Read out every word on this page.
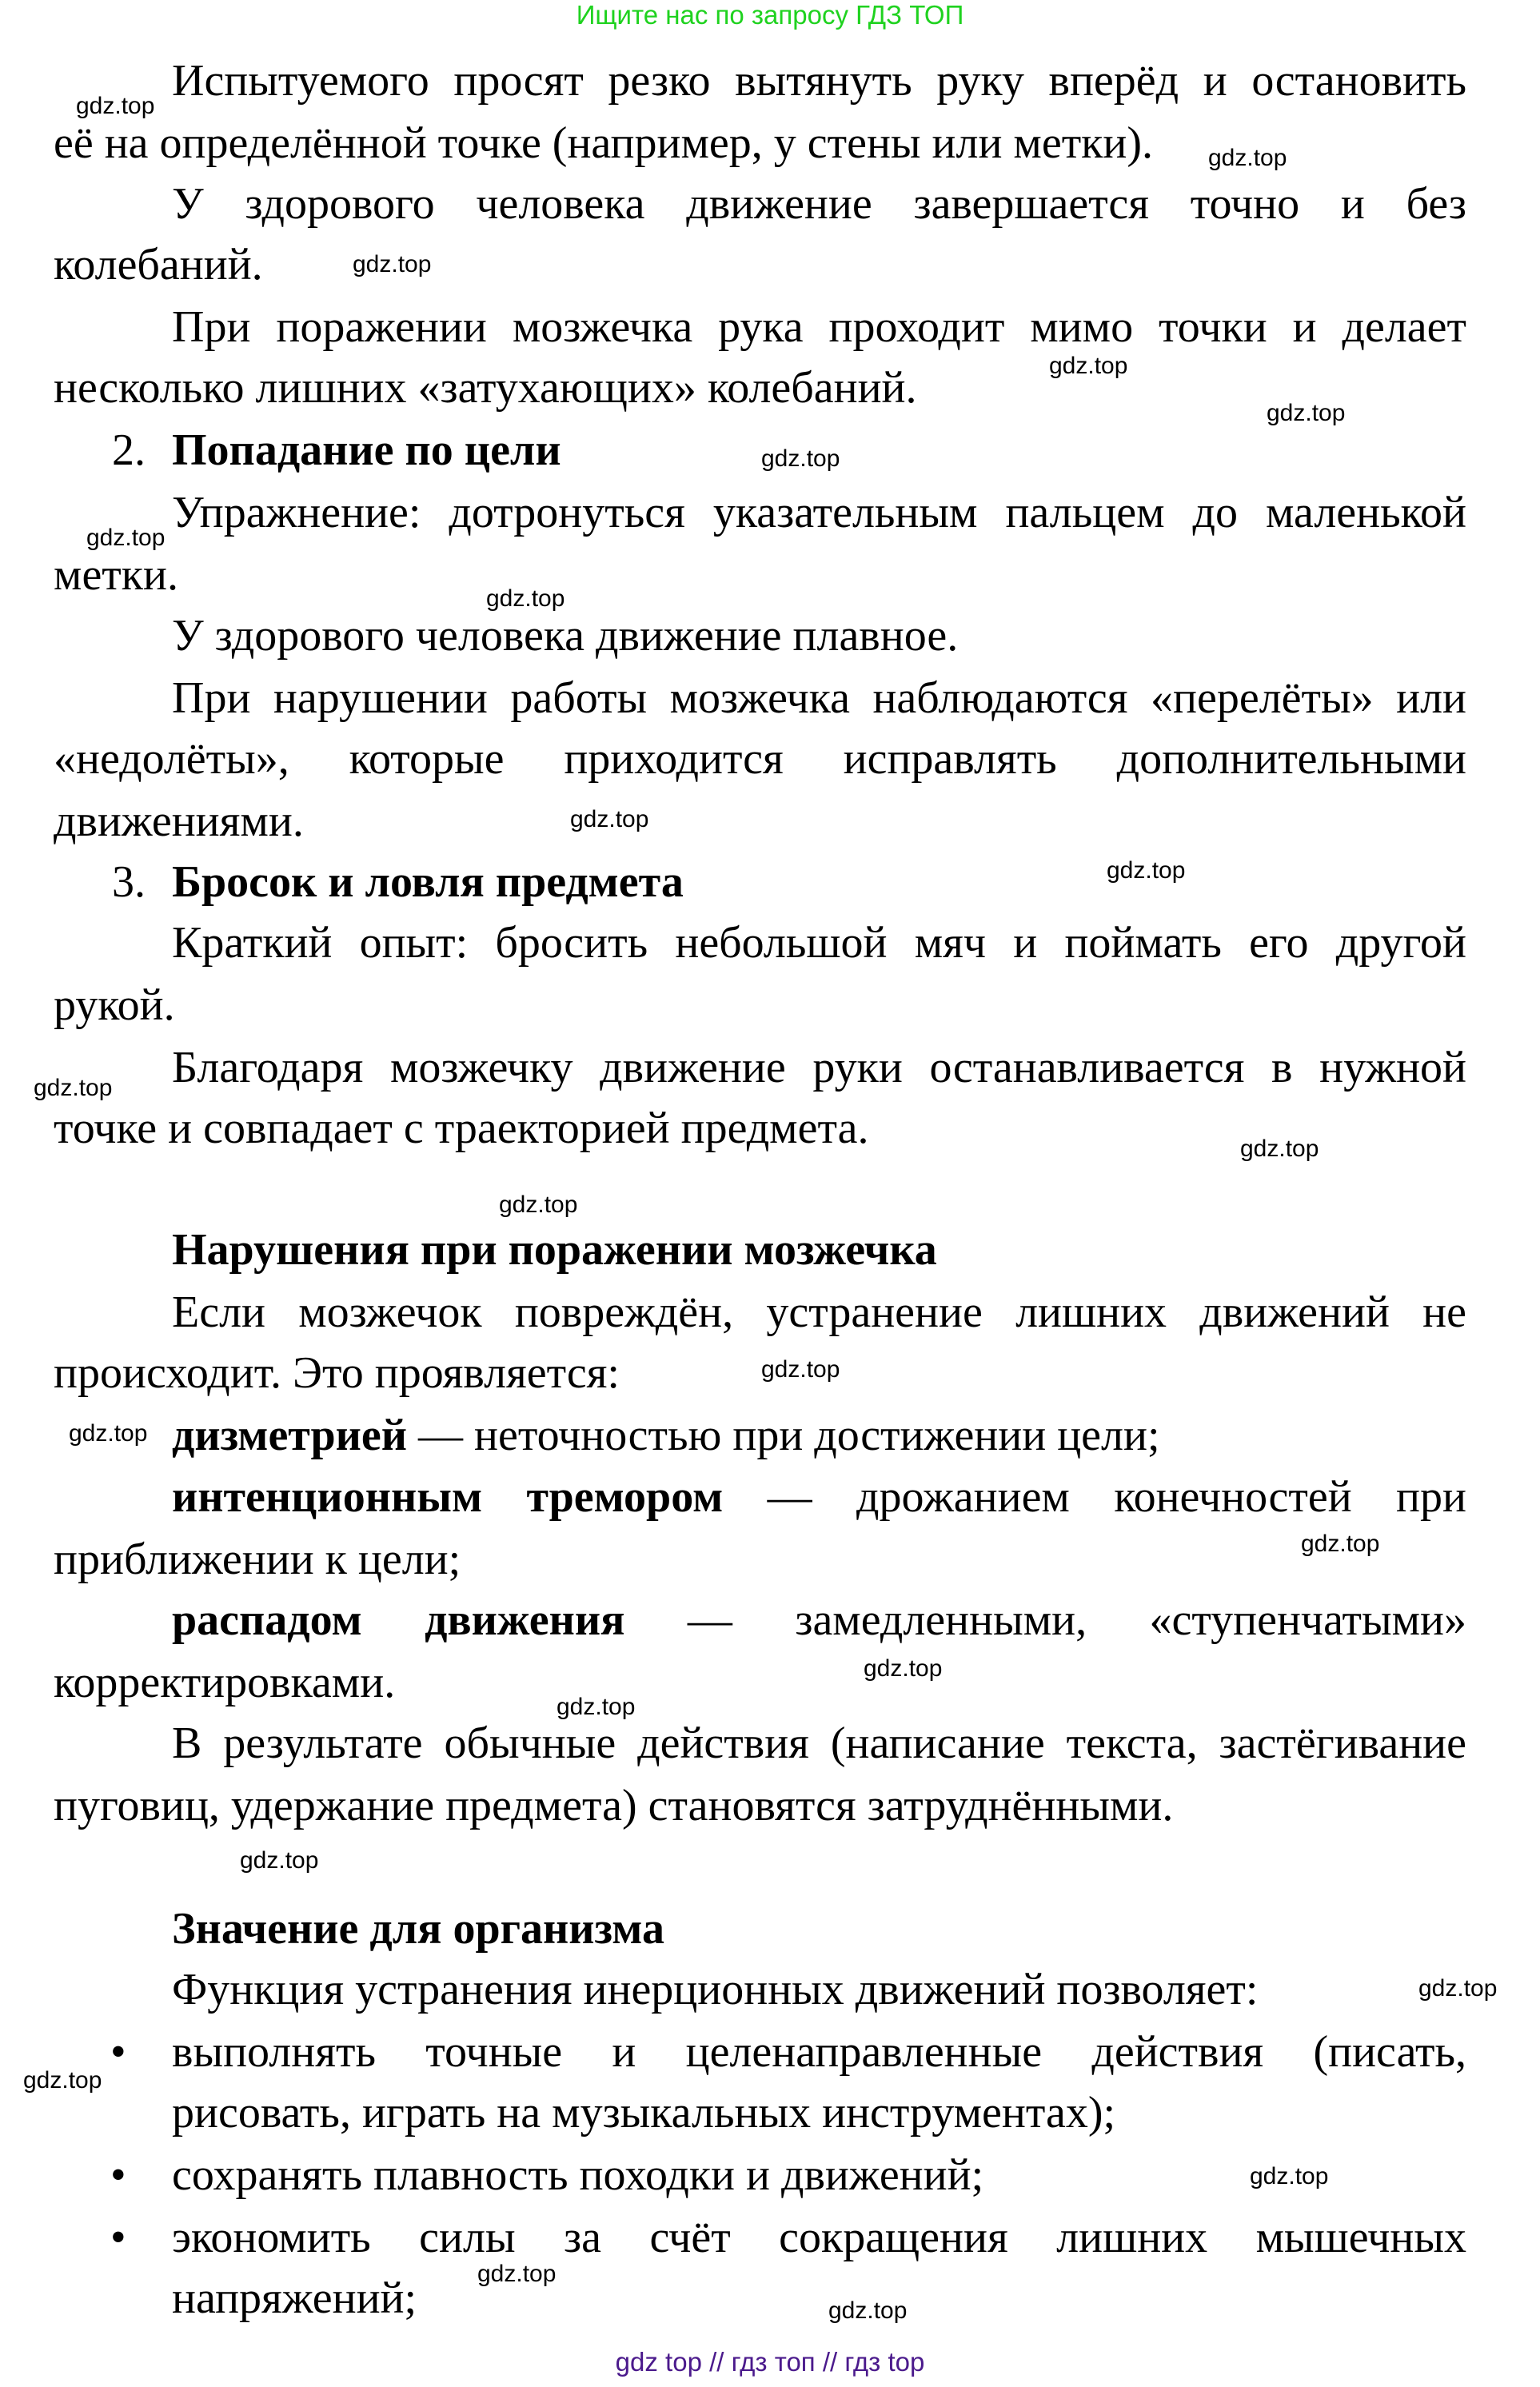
Ищите нас по запросу ГДЗ ТОП
Испытуемого просят резко вытянуть руку вперёд и остановить
её на определённой точке (например, у стены или метки).
У здорового человека движение завершается точно и без
колебаний.
При поражении мозжечка рука проходит мимо точки и делает
несколько лишних «затухающих» колебаний.
Попадание по цели
2.
Упражнение: дотронуться указательным пальцем до маленькой
метки.
У здорового человека движение плавное.
При нарушении работы мозжечка наблюдаются «перелёты» или
«недолёты», которые приходится исправлять дополнительными
движениями.
Бросок и ловля предмета
3.
Краткий опыт: бросить небольшой мяч и поймать его другой
рукой.
Благодаря мозжечку движение руки останавливается в нужной
точке и совпадает с траекторией предмета.
Нарушения при поражении мозжечка
Если мозжечок повреждён, устранение лишних движений не
происходит. Это проявляется:
дизметрией — неточностью при достижении цели;
интенционным тремором — дрожанием конечностей при
приближении к цели;
распадом движения — замедленными, «ступенчатыми»
корректировками.
В результате обычные действия (написание текста, застёгивание
пуговиц, удержание предмета) становятся затруднёнными.
Значение для организма
Функция устранения инерционных движений позволяет:
выполнять точные и целенаправленные действия (писать,
•
рисовать, играть на музыкальных инструментах);
сохранять плавность походки и движений;
•
экономить силы за счёт сокращения лишних мышечных
•
напряжений;
gdz.top
gdz.top
gdz.top
gdz.top
gdz.top
gdz.top
gdz.top
gdz.top
gdz.top
gdz.top
gdz.top
gdz.top
gdz.top
gdz.top
gdz.top
gdz.top
gdz.top
gdz.top
gdz.top
gdz.top
gdz.top
gdz.top
gdz.top
gdz.top
gdz top // гдз топ // гдз top
